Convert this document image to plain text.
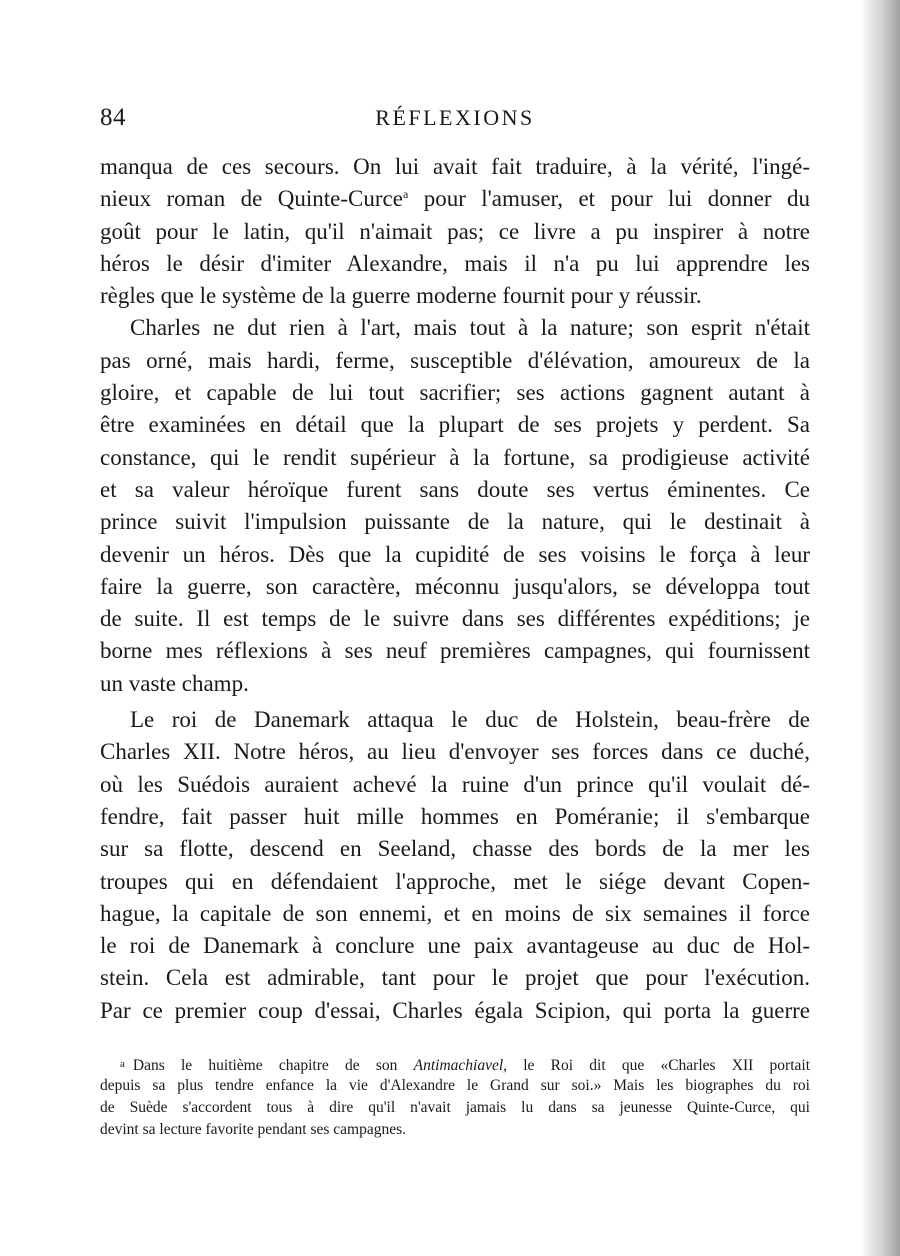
84	RÉFLEXIONS
manqua de ces secours. On lui avait fait traduire, à la vérité, l'ingé-
nieux roman de Quinte-Curce$^a$ pour l'amuser, et pour lui donner du
goût pour le latin, qu'il n'aimait pas; ce livre a pu inspirer à notre
héros le désir d'imiter Alexandre, mais il n'a pu lui apprendre les
règles que le système de la guerre moderne fournit pour y réussir.
Charles ne dut rien à l'art, mais tout à la nature; son esprit n'était
pas orné, mais hardi, ferme, susceptible d'élévation, amoureux de la
gloire, et capable de lui tout sacrifier; ses actions gagnent autant à
être examinées en détail que la plupart de ses projets y perdent. Sa
constance, qui le rendit supérieur à la fortune, sa prodigieuse activité
et sa valeur héroïque furent sans doute ses vertus éminentes. Ce
prince suivit l'impulsion puissante de la nature, qui le destinait à
devenir un héros. Dès que la cupidité de ses voisins le força à leur
faire la guerre, son caractère, méconnu jusqu'alors, se développa tout
de suite. Il est temps de le suivre dans ses différentes expéditions; je
borne mes réflexions à ses neuf premières campagnes, qui fournissent
un vaste champ.
Le roi de Danemark attaqua le duc de Holstein, beau-frère de
Charles XII. Notre héros, au lieu d'envoyer ses forces dans ce duché,
où les Suédois auraient achevé la ruine d'un prince qu'il voulait dé-
fendre, fait passer huit mille hommes en Poméranie; il s'embarque
sur sa flotte, descend en Seeland, chasse des bords de la mer les
troupes qui en défendaient l'approche, met le siége devant Copen-
hague, la capitale de son ennemi, et en moins de six semaines il force
le roi de Danemark à conclure une paix avantageuse au duc de Hol-
stein. Cela est admirable, tant pour le projet que pour l'exécution.
Par ce premier coup d'essai, Charles égala Scipion, qui porta la guerre
a Dans le huitième chapitre de son Antimachiavel, le Roi dit que «Charles XII portait
depuis sa plus tendre enfance la vie d'Alexandre le Grand sur soi.» Mais les biographes du roi
de Suède s'accordent tous à dire qu'il n'avait jamais lu dans sa jeunesse Quinte-Curce, qui
devint sa lecture favorite pendant ses campagnes.
